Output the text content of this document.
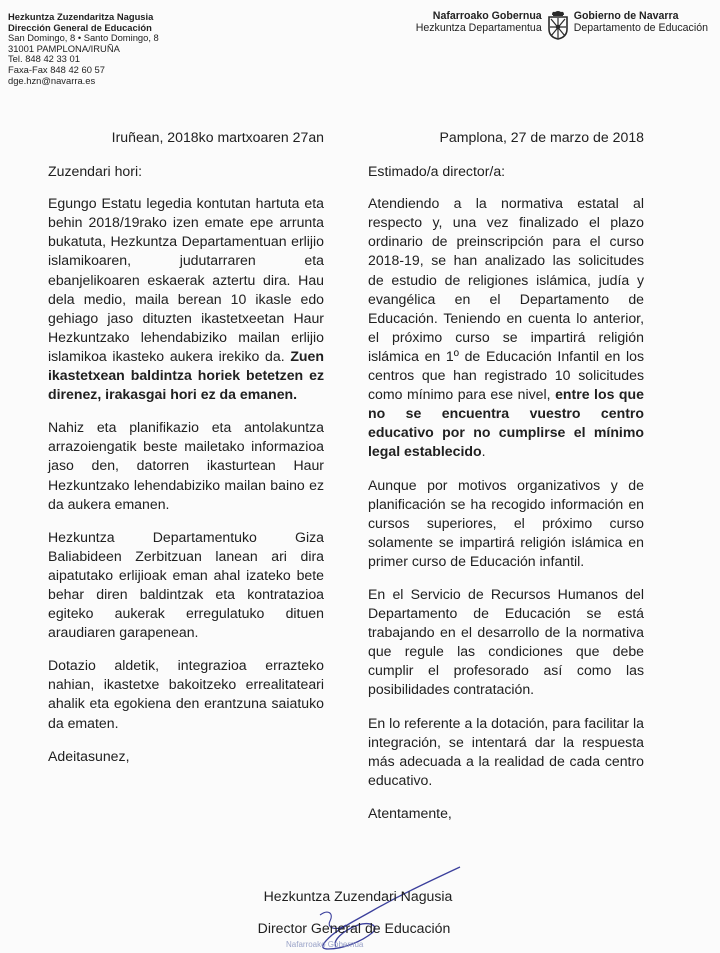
Hezkuntza Zuzendaritza Nagusia
Dirección General de Educación
San Domingo, 8 • Santo Domingo, 8
31001 PAMPLONA/IRUÑA
Tel. 848 42 33 01
Faxa-Fax 848 42 60 57
dge.hzn@navarra.es
Nafarroako Gobernua
Hezkuntza Departamentua
Gobierno de Navarra
Departamento de Educación
Iruñean, 2018ko martxoaren 27an

Zuzendari hori:

Egungo Estatu legedia kontutan hartuta eta behin 2018/19rako izen emate epe arrunta bukatuta, Hezkuntza Departamentuan erlijio islamikoaren, judutarraren eta ebanjelikoaren eskaerak aztertu dira. Hau dela medio, maila berean 10 ikasle edo gehiago jaso dituzten ikastetxeetan Haur Hezkuntzako lehendabiziko mailan erlijio islamikoa ikasteko aukera irekiko da. Zuen ikastetxean baldintza horiek betetzen ez direnez, irakasgai hori ez da emanen.

Nahiz eta planifikazio eta antolakuntza arrazoiengatik beste mailetako informazioa jaso den, datorren ikasturtean Haur Hezkuntzako lehendabiziko mailan baino ez da aukera emanen.

Hezkuntza Departamentuko Giza Baliabideen Zerbitzuan lanean ari dira aipatutako erlijioak eman ahal izateko bete behar diren baldintzak eta kontratazioa egiteko aukerak erregulatuko dituen araudiaren garapenean.

Dotazio aldetik, integrazioa errazteko nahian, ikastetxe bakoitzeko errealitateari ahalik eta egokiena den erantzuna saiatuko da ematen.

Adeitasunez,

Pamplona, 27 de marzo de 2018

Estimado/a director/a:

Atendiendo a la normativa estatal al respecto y, una vez finalizado el plazo ordinario de preinscripción para el curso 2018-19, se han analizado las solicitudes de estudio de religiones islámica, judía y evangélica en el Departamento de Educación. Teniendo en cuenta lo anterior, el próximo curso se impartirá religión islámica en 1º de Educación Infantil en los centros que han registrado 10 solicitudes como mínimo para ese nivel, entre los que no se encuentra vuestro centro educativo por no cumplirse el mínimo legal establecido.

Aunque por motivos organizativos y de planificación se ha recogido información en cursos superiores, el próximo curso solamente se impartirá religión islámica en primer curso de Educación infantil.

En el Servicio de Recursos Humanos del Departamento de Educación se está trabajando en el desarrollo de la normativa que regule las condiciones que debe cumplir el profesorado así como las posibilidades contratación.

En lo referente a la dotación, para facilitar la integración, se intentará dar la respuesta más adecuada a la realidad de cada centro educativo.

Atentamente,

Hezkuntza Zuzendari Nagusia
Director General de Educación
Nafarroako Gobernua
